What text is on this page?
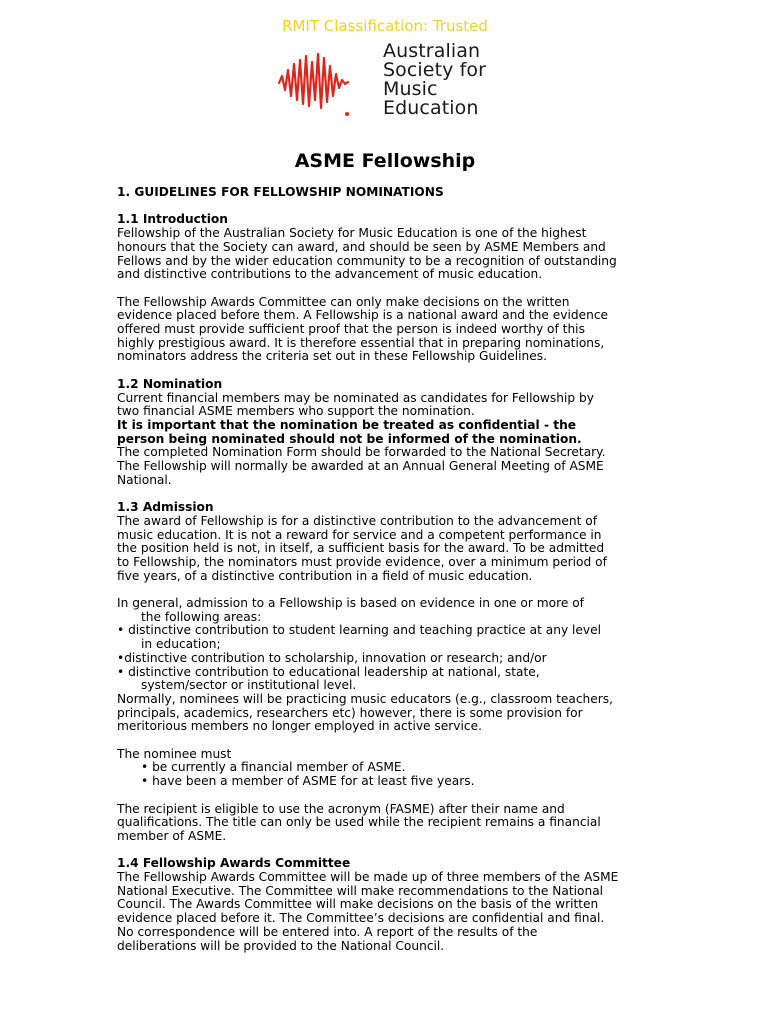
RMIT Classification: Trusted
Australian
Society for
Music
Education
ASME Fellowship

1. GUIDELINES FOR FELLOWSHIP NOMINATIONS

1.1 Introduction

Fellowship of the Australian Society for Music Education is one of the highest

honours that the Society can award, and should be seen by ASME Members and

Fellows and by the wider education community to be a recognition of outstanding

and distinctive contributions to the advancement of music education.

The Fellowship Awards Committee can only make decisions on the written

evidence placed before them. A Fellowship is a national award and the evidence

offered must provide sufficient proof that the person is indeed worthy of this

highly prestigious award. It is therefore essential that in preparing nominations,

nominators address the criteria set out in these Fellowship Guidelines.

1.2 Nomination

Current financial members may be nominated as candidates for Fellowship by

two financial ASME members who support the nomination.

It is important that the nomination be treated as confidential - the

person being nominated should not be informed of the nomination.

The completed Nomination Form should be forwarded to the National Secretary.

The Fellowship will normally be awarded at an Annual General Meeting of ASME

National.

1.3 Admission

The award of Fellowship is for a distinctive contribution to the advancement of

music education. It is not a reward for service and a competent performance in

the position held is not, in itself, a sufficient basis for the award. To be admitted

to Fellowship, the nominators must provide evidence, over a minimum period of

five years, of a distinctive contribution in a field of music education.

In general, admission to a Fellowship is based on evidence in one or more of

the following areas:

• distinctive contribution to student learning and teaching practice at any level

in education;

•distinctive contribution to scholarship, innovation or research; and/or

• distinctive contribution to educational leadership at national, state,

system/sector or institutional level.

Normally, nominees will be practicing music educators (e.g., classroom teachers,

principals, academics, researchers etc) however, there is some provision for

meritorious members no longer employed in active service.

The nominee must

• be currently a financial member of ASME.

• have been a member of ASME for at least five years.

The recipient is eligible to use the acronym (FASME) after their name and

qualifications. The title can only be used while the recipient remains a financial

member of ASME.

1.4 Fellowship Awards Committee

The Fellowship Awards Committee will be made up of three members of the ASME

National Executive. The Committee will make recommendations to the National

Council. The Awards Committee will make decisions on the basis of the written

evidence placed before it. The Committee’s decisions are confidential and final.

No correspondence will be entered into. A report of the results of the

deliberations will be provided to the National Council.
